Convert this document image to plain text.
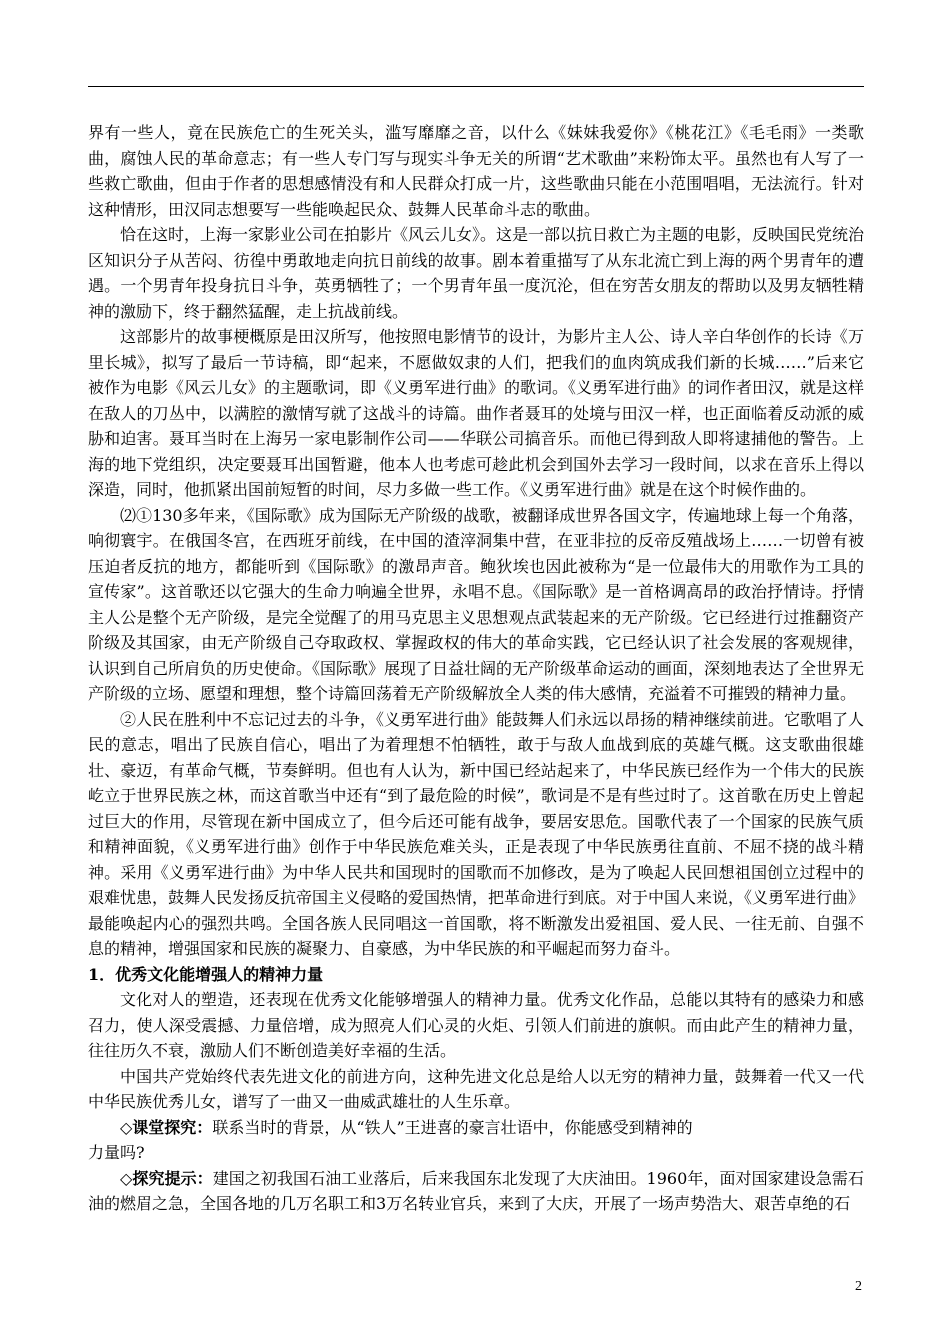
界有一些人，竟在民族危亡的生死关头，滥写靡靡之音，以什么《妹妹我爱你》《桃花江》《毛毛雨》一类歌曲，腐蚀人民的革命意志；有一些人专门写与现实斗争无关的所谓“艺术歌曲”来粉饰太平。虽然也有人写了一些救亡歌曲，但由于作者的思想感情没有和人民群众打成一片，这些歌曲只能在小范围唱唱，无法流行。针对这种情形，田汉同志想要写一些能唤起民众、鼓舞人民革命斗志的歌曲。

恰在这时，上海一家影业公司在拍影片《风云儿女》。这是一部以抗日救亡为主题的电影，反映国民党统治区知识分子从苦闷、彷徨中勇敢地走向抗日前线的故事。剧本着重描写了从东北流亡到上海的两个男青年的遭遇。一个男青年投身抗日斗争，英勇牺牲了；一个男青年虽一度沉沦，但在穷苦女朋友的帮助以及男友牺牲精神的激励下，终于翻然猛醒，走上抗战前线。

这部影片的故事梗概原是田汉所写，他按照电影情节的设计，为影片主人公、诗人辛白华创作的长诗《万里长城》，拟写了最后一节诗稿，即“起来，不愿做奴隶的人们，把我们的血肉筑成我们新的长城……”后来它被作为电影《风云儿女》的主题歌词，即《义勇军进行曲》的歌词。《义勇军进行曲》的词作者田汉，就是这样在敌人的刀丛中，以满腔的激情写就了这战斗的诗篇。曲作者聂耳的处境与田汉一样，也正面临着反动派的威胁和迫害。聂耳当时在上海另一家电影制作公司——华联公司搞音乐。而他已得到敌人即将逮捕他的警告。上海的地下党组织，决定要聂耳出国暂避，他本人也考虑可趁此机会到国外去学习一段时间，以求在音乐上得以深造，同时，他抓紧出国前短暂的时间，尽力多做一些工作。《义勇军进行曲》就是在这个时候作曲的。

⑵①130多年来，《国际歌》成为国际无产阶级的战歌，被翻译成世界各国文字，传遍地球上每一个角落，响彻寰宇。在俄国冬宫，在西班牙前线，在中国的渣滓洞集中营，在亚非拉的反帝反殖战场上……一切曾有被压迫者反抗的地方，都能听到《国际歌》的激昂声音。鲍狄埃也因此被称为“是一位最伟大的用歌作为工具的宣传家”。这首歌还以它强大的生命力响遍全世界，永唱不息。《国际歌》是一首格调高昂的政治抒情诗。抒情主人公是整个无产阶级，是完全觉醒了的用马克思主义思想观点武装起来的无产阶级。它已经进行过推翻资产阶级及其国家，由无产阶级自己夺取政权、掌握政权的伟大的革命实践，它已经认识了社会发展的客观规律，认识到自己所肩负的历史使命。《国际歌》展现了日益壮阔的无产阶级革命运动的画面，深刻地表达了全世界无产阶级的立场、愿望和理想，整个诗篇回荡着无产阶级解放全人类的伟大感情，充溢着不可摧毁的精神力量。

②人民在胜利中不忘记过去的斗争，《义勇军进行曲》能鼓舞人们永远以昂扬的精神继续前进。它歌唱了人民的意志，唱出了民族自信心，唱出了为着理想不怕牺牲，敢于与敌人血战到底的英雄气概。这支歌曲很雄壮、豪迈，有革命气概，节奏鲜明。但也有人认为，新中国已经站起来了，中华民族已经作为一个伟大的民族屹立于世界民族之林，而这首歌当中还有“到了最危险的时候”，歌词是不是有些过时了。这首歌在历史上曾起过巨大的作用，尽管现在新中国成立了，但今后还可能有战争，要居安思危。国歌代表了一个国家的民族气质和精神面貌，《义勇军进行曲》创作于中华民族危难关头，正是表现了中华民族勇往直前、不屈不挠的战斗精神。采用《义勇军进行曲》为中华人民共和国现时的国歌而不加修改，是为了唤起人民回想祖国创立过程中的艰难忧患，鼓舞人民发扬反抗帝国主义侵略的爱国热情，把革命进行到底。对于中国人来说，《义勇军进行曲》最能唤起内心的强烈共鸣。全国各族人民同唱这一首国歌，将不断激发出爱祖国、爱人民、一往无前、自强不息的精神，增强国家和民族的凝聚力、自豪感，为中华民族的和平崛起而努力奋斗。

1．优秀文化能增强人的精神力量

文化对人的塑造，还表现在优秀文化能够增强人的精神力量。优秀文化作品，总能以其特有的感染力和感召力，使人深受震撼、力量倍增，成为照亮人们心灵的火炬、引领人们前进的旗帜。而由此产生的精神力量，往往历久不衰，激励人们不断创造美好幸福的生活。

中国共产党始终代表先进文化的前进方向，这种先进文化总是给人以无穷的精神力量，鼓舞着一代又一代中华民族优秀儿女，谱写了一曲又一曲威武雄壮的人生乐章。

◇课堂探究：联系当时的背景，从“铁人”王进喜的豪言壮语中，你能感受到精神的

力量吗?

◇探究提示：建国之初我国石油工业落后，后来我国东北发现了大庆油田。1960年，面对国家建设急需石油的燃眉之急，全国各地的几万名职工和3万名转业官兵，来到了大庆，开展了一场声势浩大、艰苦卓绝的石

2
